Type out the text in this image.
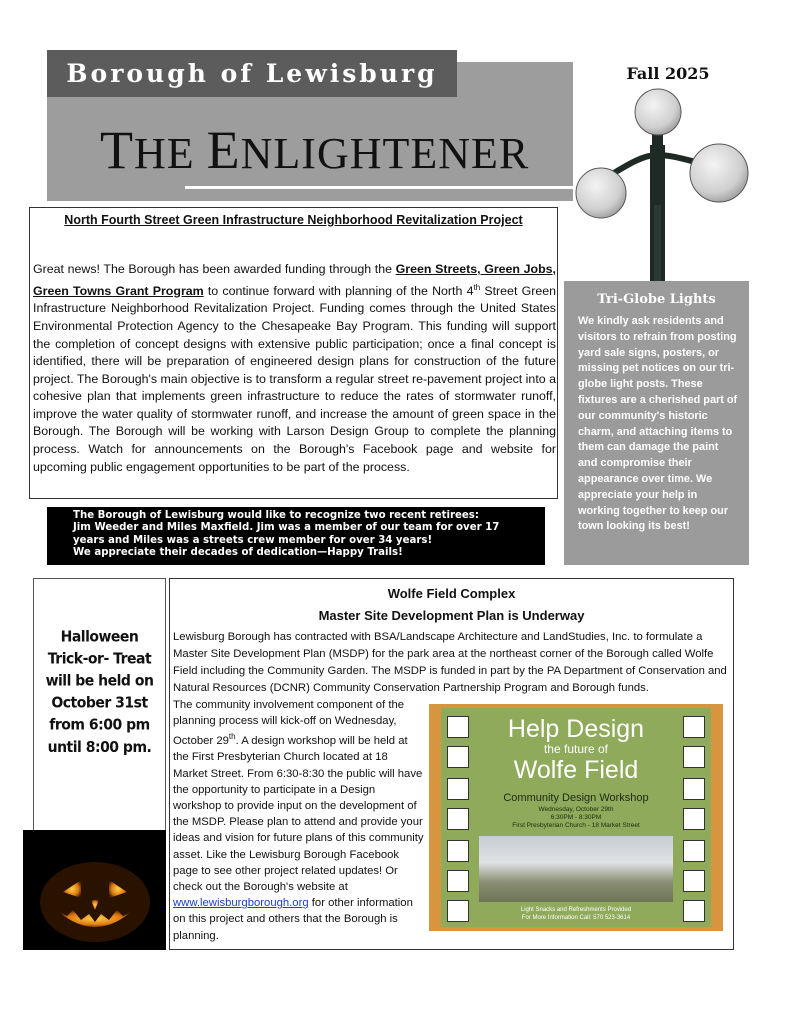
Borough of Lewisburg
THE ENLIGHTENER
Fall 2025
North Fourth Street Green Infrastructure Neighborhood Revitalization Project
Great news! The Borough has been awarded funding through the Green Streets, Green Jobs, Green Towns Grant Program to continue forward with planning of the North 4th Street Green Infrastructure Neighborhood Revitalization Project. Funding comes through the United States Environmental Protection Agency to the Chesapeake Bay Program. This funding will support the completion of concept designs with extensive public participation; once a final concept is identified, there will be preparation of engineered design plans for construction of the future project. The Borough's main objective is to transform a regular street re-pavement project into a cohesive plan that implements green infrastructure to reduce the rates of stormwater runoff, improve the water quality of stormwater runoff, and increase the amount of green space in the Borough. The Borough will be working with Larson Design Group to complete the planning process. Watch for announcements on the Borough's Facebook page and website for upcoming public engagement opportunities to be part of the process.
Tri-Globe Lights
We kindly ask residents and visitors to refrain from posting yard sale signs, posters, or missing pet notices on our tri-globe light posts. These fixtures are a cherished part of our community's historic charm, and attaching items to them can damage the paint and compromise their appearance over time. We appreciate your help in working together to keep our town looking its best!
The Borough of Lewisburg would like to recognize two recent retirees:
Jim Weeder and Miles Maxfield. Jim was a member of our team for over 17
years and Miles was a streets crew member for over 34 years!
We appreciate their decades of dedication—Happy Trails!
Halloween
Trick-or- Treat
will be held on
October 31st
from 6:00 pm
until 8:00 pm.
Wolfe Field Complex
Master Site Development Plan is Underway
Lewisburg Borough has contracted with BSA/Landscape Architecture and LandStudies, Inc. to formulate a Master Site Development Plan (MSDP) for the park area at the northeast corner of the Borough called Wolfe Field including the Community Garden. The MSDP is funded in part by the PA Department of Conservation and Natural Resources (DCNR) Community Conservation Partnership Program and Borough funds.
The community involvement component of the planning process will kick-off on Wednesday, October 29th. A design workshop will be held at the First Presbyterian Church located at 18 Market Street. From 6:30-8:30 the public will have the opportunity to participate in a Design workshop to provide input on the development of the MSDP. Please plan to attend and provide your ideas and vision for future plans of this community asset. Like the Lewisburg Borough Facebook page to see other project related updates! Or check out the Borough's website at www.lewisburgborough.org for other information on this project and others that the Borough is planning.
Help Design
the future of
Wolfe Field
Community Design Workshop
Wednesday, October 29th
6:30PM - 8:30PM
First Presbyterian Church - 18 Market Street
Light Snacks and Refreshments Provided
For More Information Call: 570 523-3614
